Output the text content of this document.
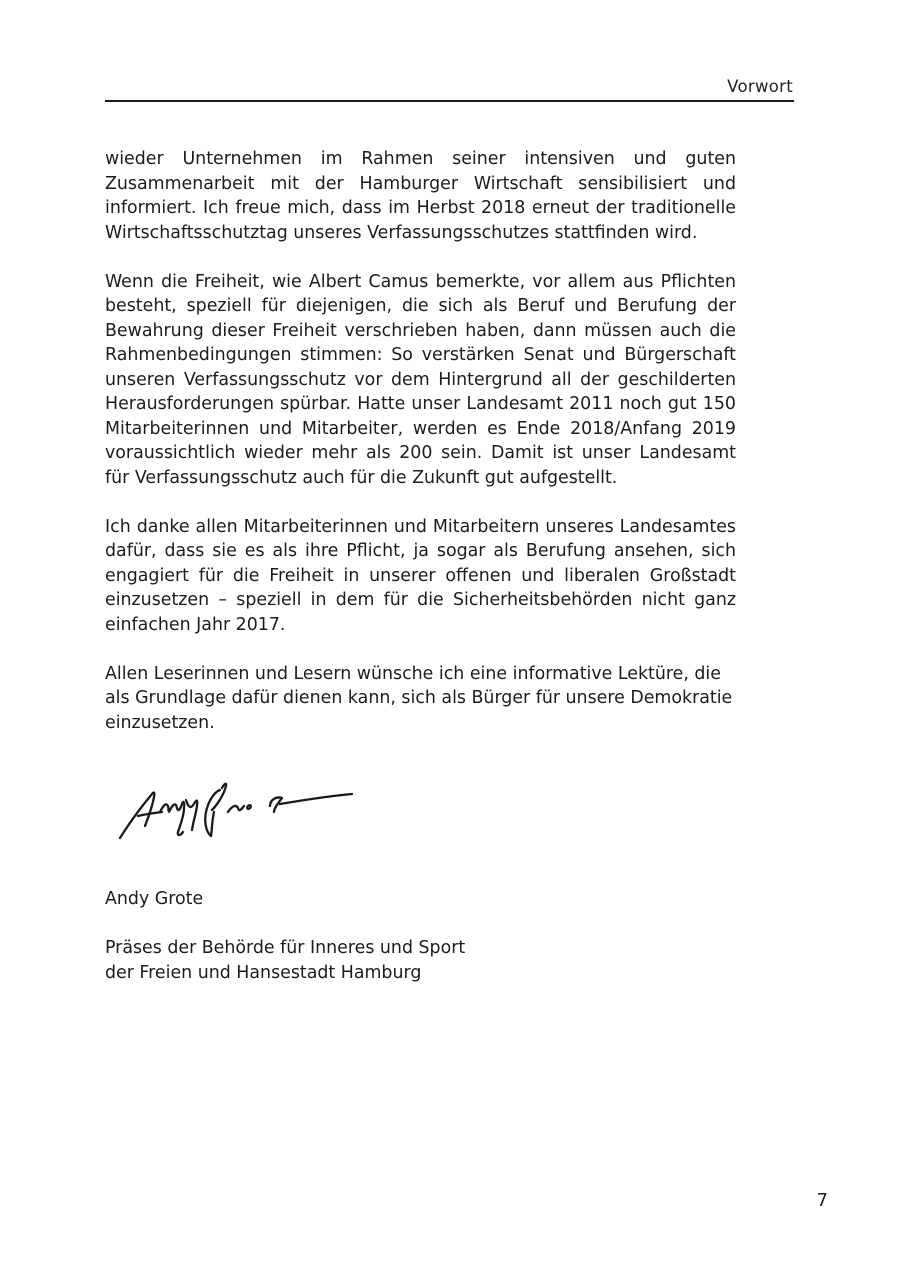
Vorwort

wieder Unternehmen im Rahmen seiner intensiven und guten Zusammenarbeit mit der Hamburger Wirtschaft sensibilisiert und informiert. Ich freue mich, dass im Herbst 2018 erneut der traditionelle Wirtschaftsschutztag unseres Verfassungsschutzes stattfinden wird.

Wenn die Freiheit, wie Albert Camus bemerkte, vor allem aus Pflichten besteht, speziell für diejenigen, die sich als Beruf und Berufung der Bewahrung dieser Freiheit verschrieben haben, dann müssen auch die Rahmenbedingungen stimmen: So verstärken Senat und Bürgerschaft unseren Verfassungsschutz vor dem Hintergrund all der geschilderten Herausforderungen spürbar. Hatte unser Landesamt 2011 noch gut 150 Mitarbeiterinnen und Mitarbeiter, werden es Ende 2018/Anfang 2019 voraussichtlich wieder mehr als 200 sein. Damit ist unser Landesamt für Verfassungsschutz auch für die Zukunft gut aufgestellt.

Ich danke allen Mitarbeiterinnen und Mitarbeitern unseres Landesamtes dafür, dass sie es als ihre Pflicht, ja sogar als Berufung ansehen, sich engagiert für die Freiheit in unserer offenen und liberalen Großstadt einzusetzen – speziell in dem für die Sicherheitsbehörden nicht ganz einfachen Jahr 2017.

Allen Leserinnen und Lesern wünsche ich eine informative Lektüre, die als Grundlage dafür dienen kann, sich als Bürger für unsere Demokratie einzusetzen.

Andy Grote
Präses der Behörde für Inneres und Sport
der Freien und Hansestadt Hamburg
7
